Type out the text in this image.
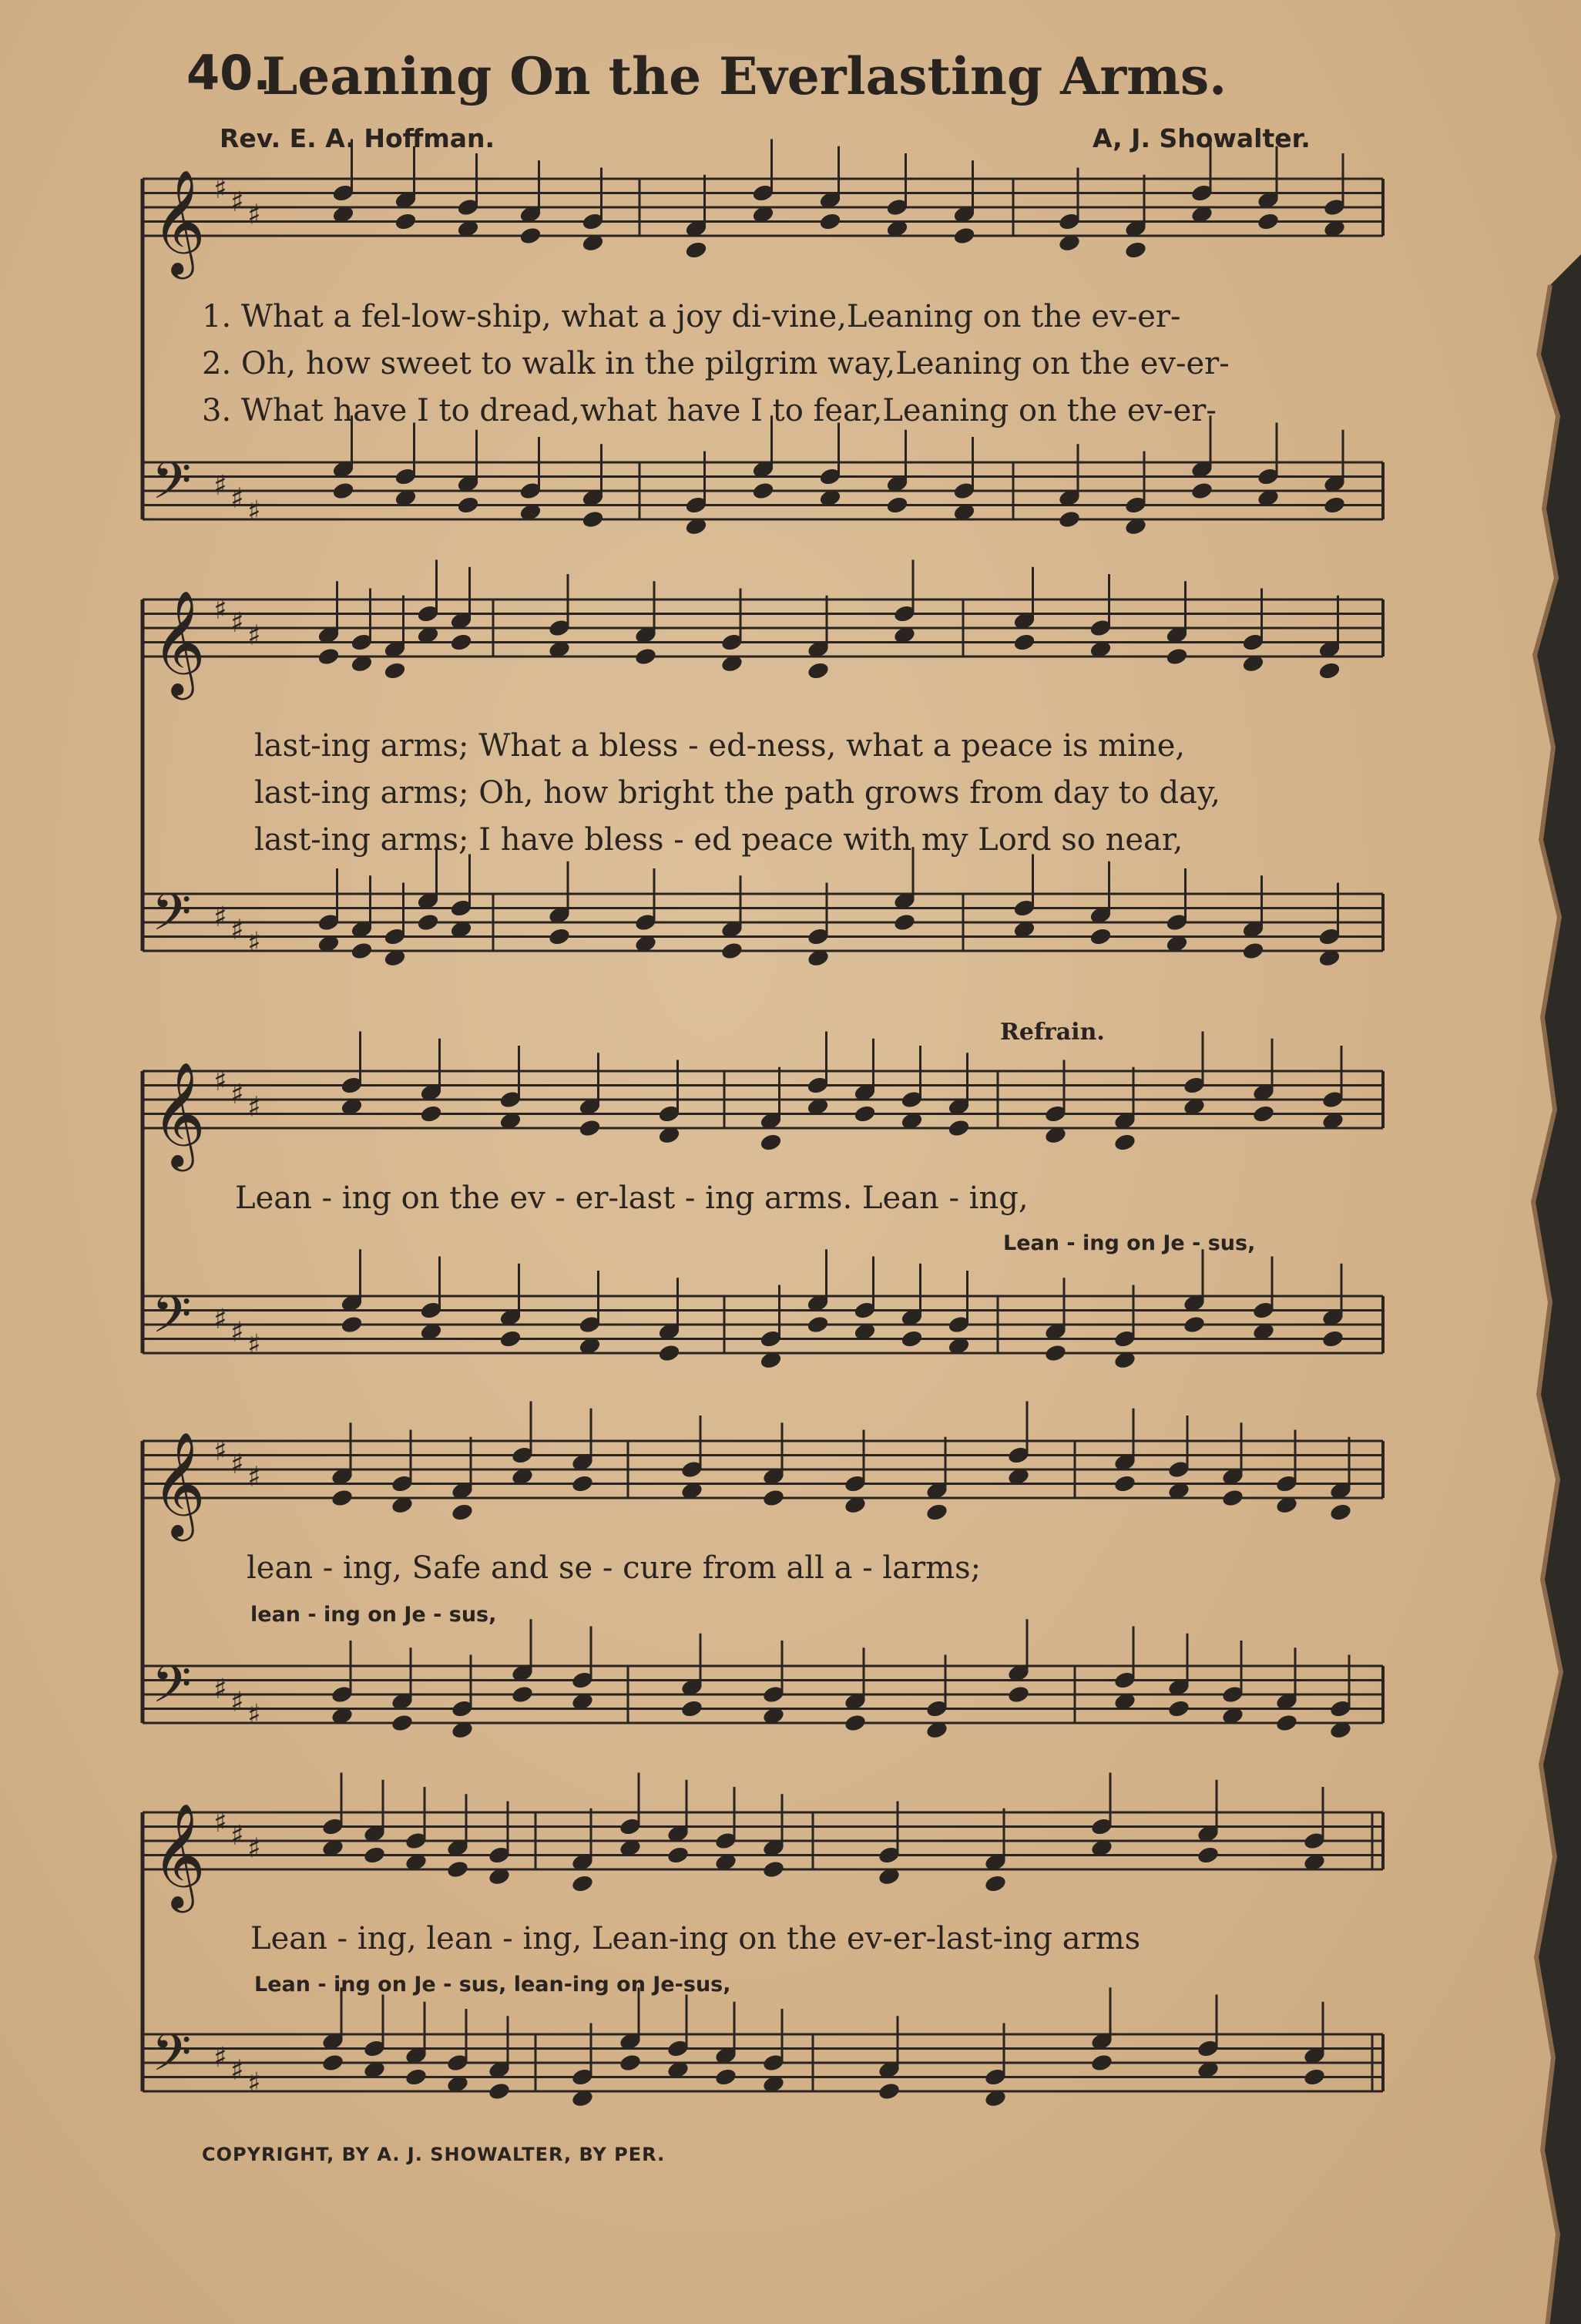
40.
Leaning On the Everlasting Arms.
Rev. E. A. Hoffman.	A, J. Showalter.
𝄞
𝄢
♯
♯
♯
♯
♯
♯
𝄞
𝄢
♯
♯
♯
♯
♯
♯
𝄞
𝄢
♯
♯
♯
♯
♯
♯
𝄞
𝄢
♯
♯
♯
♯
♯
♯
𝄞
𝄢
♯
♯
♯
♯
♯
♯
1. What a fel-low-ship, what a joy di-vine,Leaning on the ev-er-
2. Oh, how sweet to walk in the pilgrim way,Leaning on the ev-er-
3. What have I to dread,what have I to fear,Leaning on the ev-er-
last-ing arms; What a bless - ed-ness, what a peace is mine,
last-ing arms; Oh, how bright the path grows from day to day,
last-ing arms; I have bless - ed peace with my Lord so near,
Refrain.
Lean - ing on the ev - er-last - ing arms. Lean - ing,
Lean - ing on Je - sus,
lean - ing, Safe and se - cure from all a - larms;
lean - ing on Je - sus,
Lean - ing, lean - ing, Lean-ing on the ev-er-last-ing arms
Lean - ing on Je - sus, lean-ing on Je-sus,
COPYRIGHT, BY A. J. SHOWALTER, BY PER.
